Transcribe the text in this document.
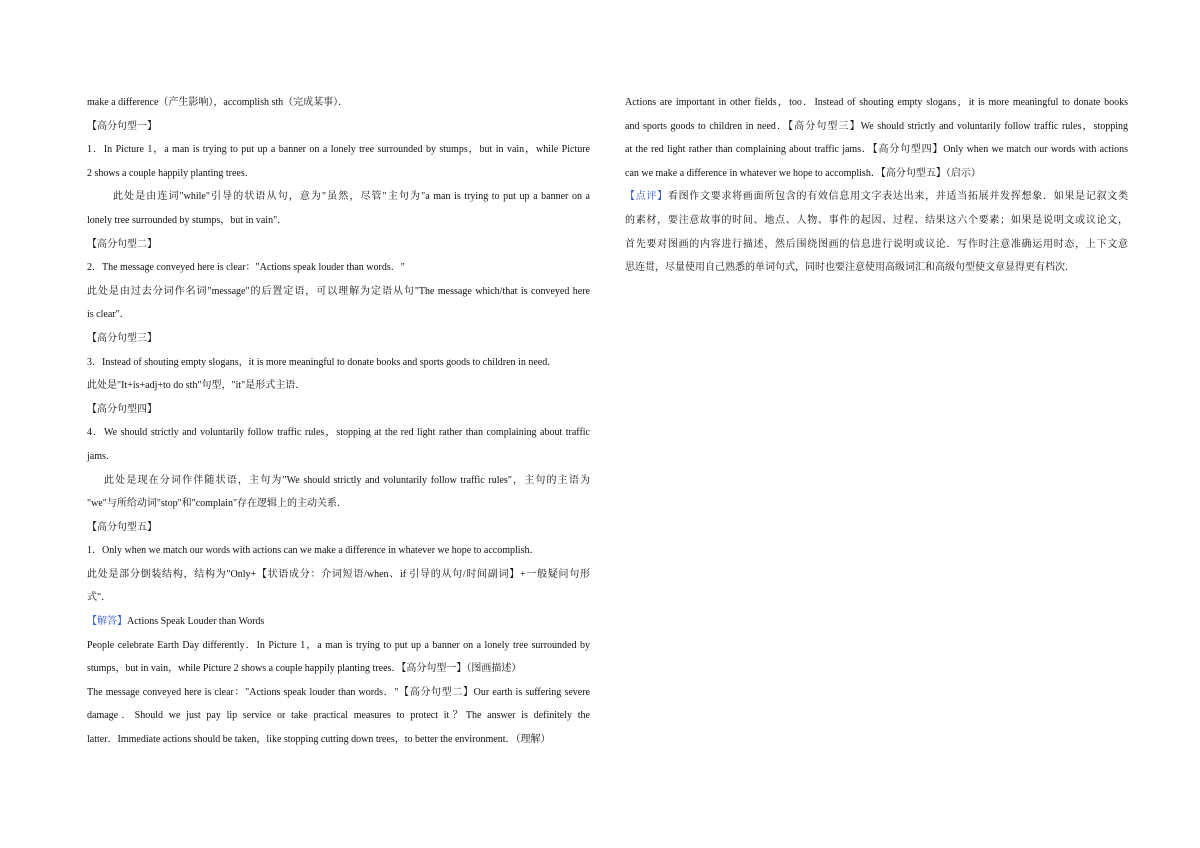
make a difference（产生影响），accomplish sth（完成某事）．
【高分句型一】
1．In Picture 1，a man is trying to put up a banner on a lonely tree surrounded by stumps，but in vain，while Picture
2 shows a couple happily planting trees．
此处是由连词"while"引导的状语从句，意为"虽然，尽管"主句为"a man is trying to put up a banner on a
lonely tree surrounded by stumps，but in vain"．
【高分句型二】
2．The message conveyed here is clear："Actions speak louder than words．"
此处是由过去分词作名词"message"的后置定语，可以理解为定语从句"The message which/that is conveyed here
is clear"．
【高分句型三】
3．Instead of shouting empty slogans，it is more meaningful to donate books and sports goods to children in need．
此处是"It+is+adj+to do sth"句型，"it"是形式主语．
【高分句型四】
4．We should strictly and voluntarily follow traffic rules，stopping at the red light rather than complaining about traffic
jams．
此处是现在分词作伴随状语，主句为"We should strictly and voluntarily follow traffic rules"，主句的主语为
"we"与所给动词"stop"和"complain"存在逻辑上的主动关系．
【高分句型五】
1．Only when we match our words with actions can we make a difference in whatever we hope to accomplish．
此处是部分倒装结构，结构为"Only+【状语成分：介词短语/when、if 引导的从句/时间副词】+一般疑问句形
式"．
【解答】Actions Speak Louder than Words
People celebrate Earth Day differently．In Picture 1，a man is trying to put up a banner on a lonely tree surrounded by
stumps，but in vain，while Picture 2 shows a couple happily planting trees．【高分句型一】（图画描述）
The message conveyed here is clear："Actions speak louder than words．"【高分句型二】Our earth is suffering severe
damage．Should we just pay lip service or take practical measures to protect it？The answer is definitely the
latter．Immediate actions should be taken，like stopping cutting down trees，to better the environment．（理解）
Actions are important in other fields，too．Instead of shouting empty slogans，it is more meaningful to donate books
and sports goods to children in need．【高分句型三】We should strictly and voluntarily follow traffic rules，stopping
at the red light rather than complaining about traffic jams．【高分句型四】Only when we match our words with actions
can we make a difference in whatever we hope to accomplish．【高分句型五】（启示）
【点评】看图作文要求将画面所包含的有效信息用文字表达出来，并适当拓展并发挥想象．如果是记叙文类
的素材，要注意故事的时间、地点、人物、事件的起因、过程、结果这六个要素；如果是说明文或议论文，
首先要对图画的内容进行描述，然后围绕图画的信息进行说明或议论．写作时注意准确运用时态，上下文意
思连贯，尽量使用自己熟悉的单词句式，同时也要注意使用高级词汇和高级句型使文章显得更有档次．
